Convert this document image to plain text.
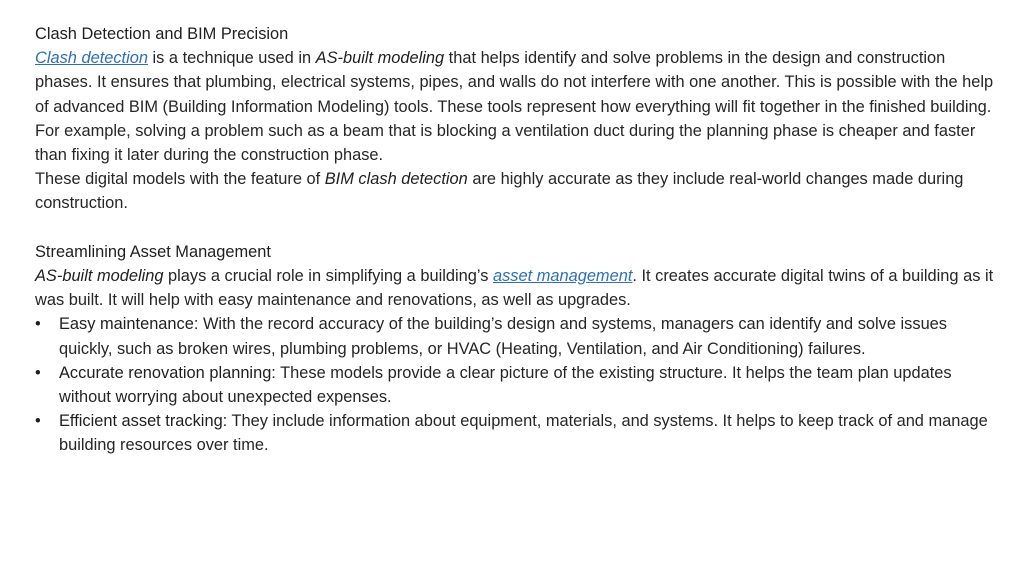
Clash Detection and BIM Precision

Clash detection is a technique used in AS-built modeling that helps identify and solve problems in the design and construction phases. It ensures that plumbing, electrical systems, pipes, and walls do not interfere with one another. This is possible with the help of advanced BIM (Building Information Modeling) tools. These tools represent how everything will fit together in the finished building.

For example, solving a problem such as a beam that is blocking a ventilation duct during the planning phase is cheaper and faster than fixing it later during the construction phase.

These digital models with the feature of BIM clash detection are highly accurate as they include real-world changes made during construction.

Streamlining Asset Management

AS-built modeling plays a crucial role in simplifying a building’s asset management. It creates accurate digital twins of a building as it was built. It will help with easy maintenance and renovations, as well as upgrades.

• Easy maintenance: With the record accuracy of the building’s design and systems, managers can identify and solve issues quickly, such as broken wires, plumbing problems, or HVAC (Heating, Ventilation, and Air Conditioning) failures.
• Accurate renovation planning: These models provide a clear picture of the existing structure. It helps the team plan updates without worrying about unexpected expenses.
• Efficient asset tracking: They include information about equipment, materials, and systems. It helps to keep track of and manage building resources over time.
